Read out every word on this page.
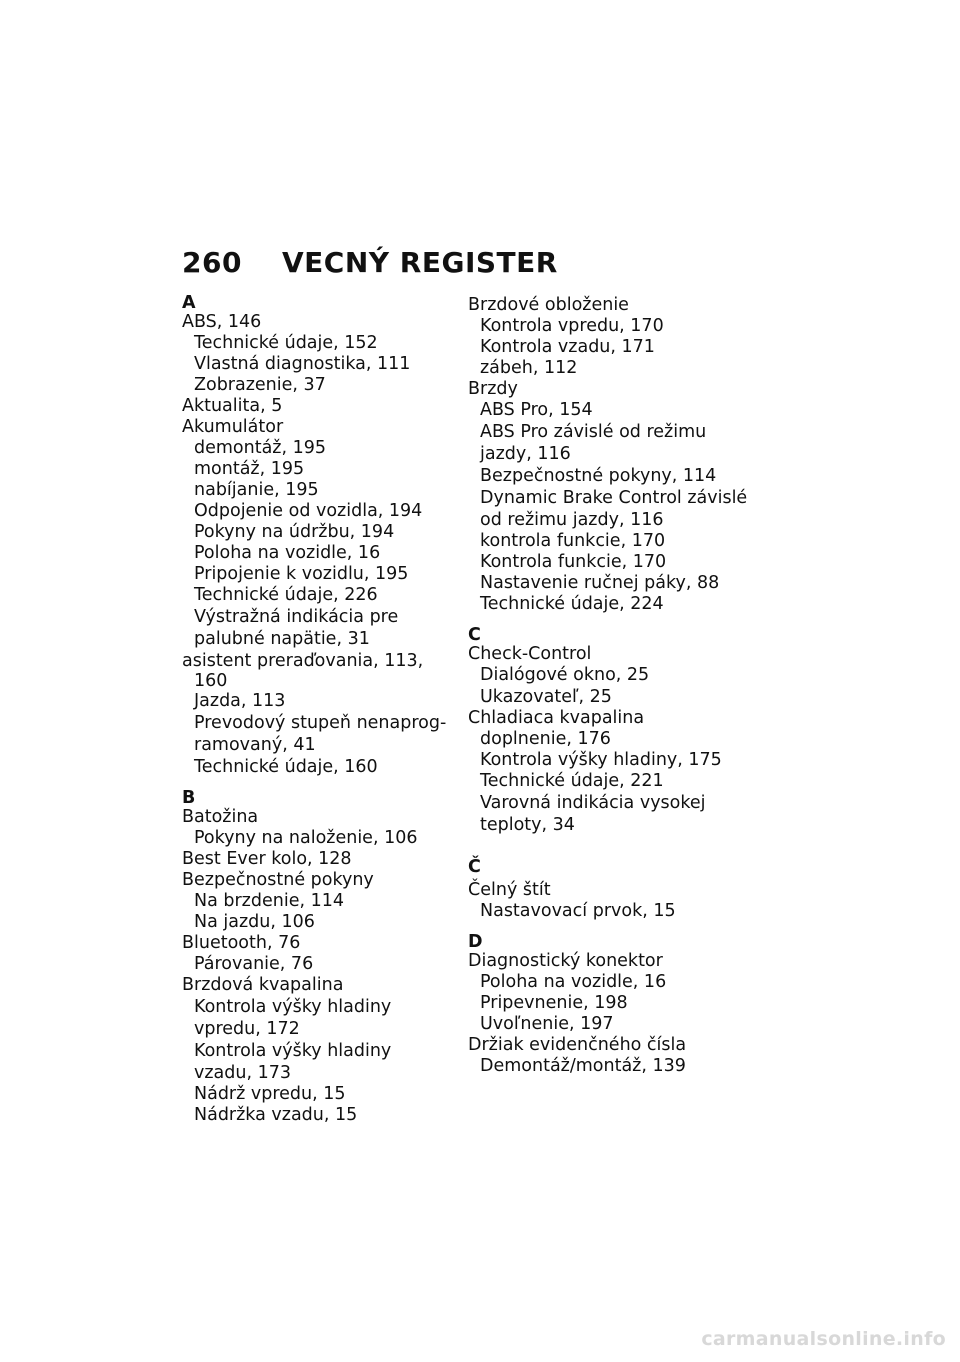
260 VECNÝ REGISTER

A

ABS, 146

Technické údaje, 152

Vlastná diagnostika, 111

Zobrazenie, 37

Aktualita, 5

Akumulátor

demontáž, 195

montáž, 195

nabíjanie, 195

Odpojenie od vozidla, 194

Pokyny na údržbu, 194

Poloha na vozidle, 16

Pripojenie k vozidlu, 195

Technické údaje, 226

Výstražná indikácia pre

palubné napätie, 31

asistent preraďovania, 113,

160

Jazda, 113

Prevodový stupeň nenaprog-

ramovaný, 41

Technické údaje, 160

B

Batožina

Pokyny na naloženie, 106

Best Ever kolo, 128

Bezpečnostné pokyny

Na brzdenie, 114

Na jazdu, 106

Bluetooth, 76

Párovanie, 76

Brzdová kvapalina

Kontrola výšky hladiny

vpredu, 172

Kontrola výšky hladiny

vzadu, 173

Nádrž vpredu, 15

Nádržka vzadu, 15

Brzdové obloženie

Kontrola vpredu, 170

Kontrola vzadu, 171

zábeh, 112

Brzdy

ABS Pro, 154

ABS Pro závislé od režimu

jazdy, 116

Bezpečnostné pokyny, 114

Dynamic Brake Control závislé

od režimu jazdy, 116

kontrola funkcie, 170

Kontrola funkcie, 170

Nastavenie ručnej páky, 88

Technické údaje, 224

C

Check-Control

Dialógové okno, 25

Ukazovateľ, 25

Chladiaca kvapalina

doplnenie, 176

Kontrola výšky hladiny, 175

Technické údaje, 221

Varovná indikácia vysokej

teploty, 34

Č

Čelný štít

Nastavovací prvok, 15

D

Diagnostický konektor

Poloha na vozidle, 16

Pripevnenie, 198

Uvoľnenie, 197

Držiak evidenčného čísla

Demontáž/montáž, 139

carmanualsonline.info
